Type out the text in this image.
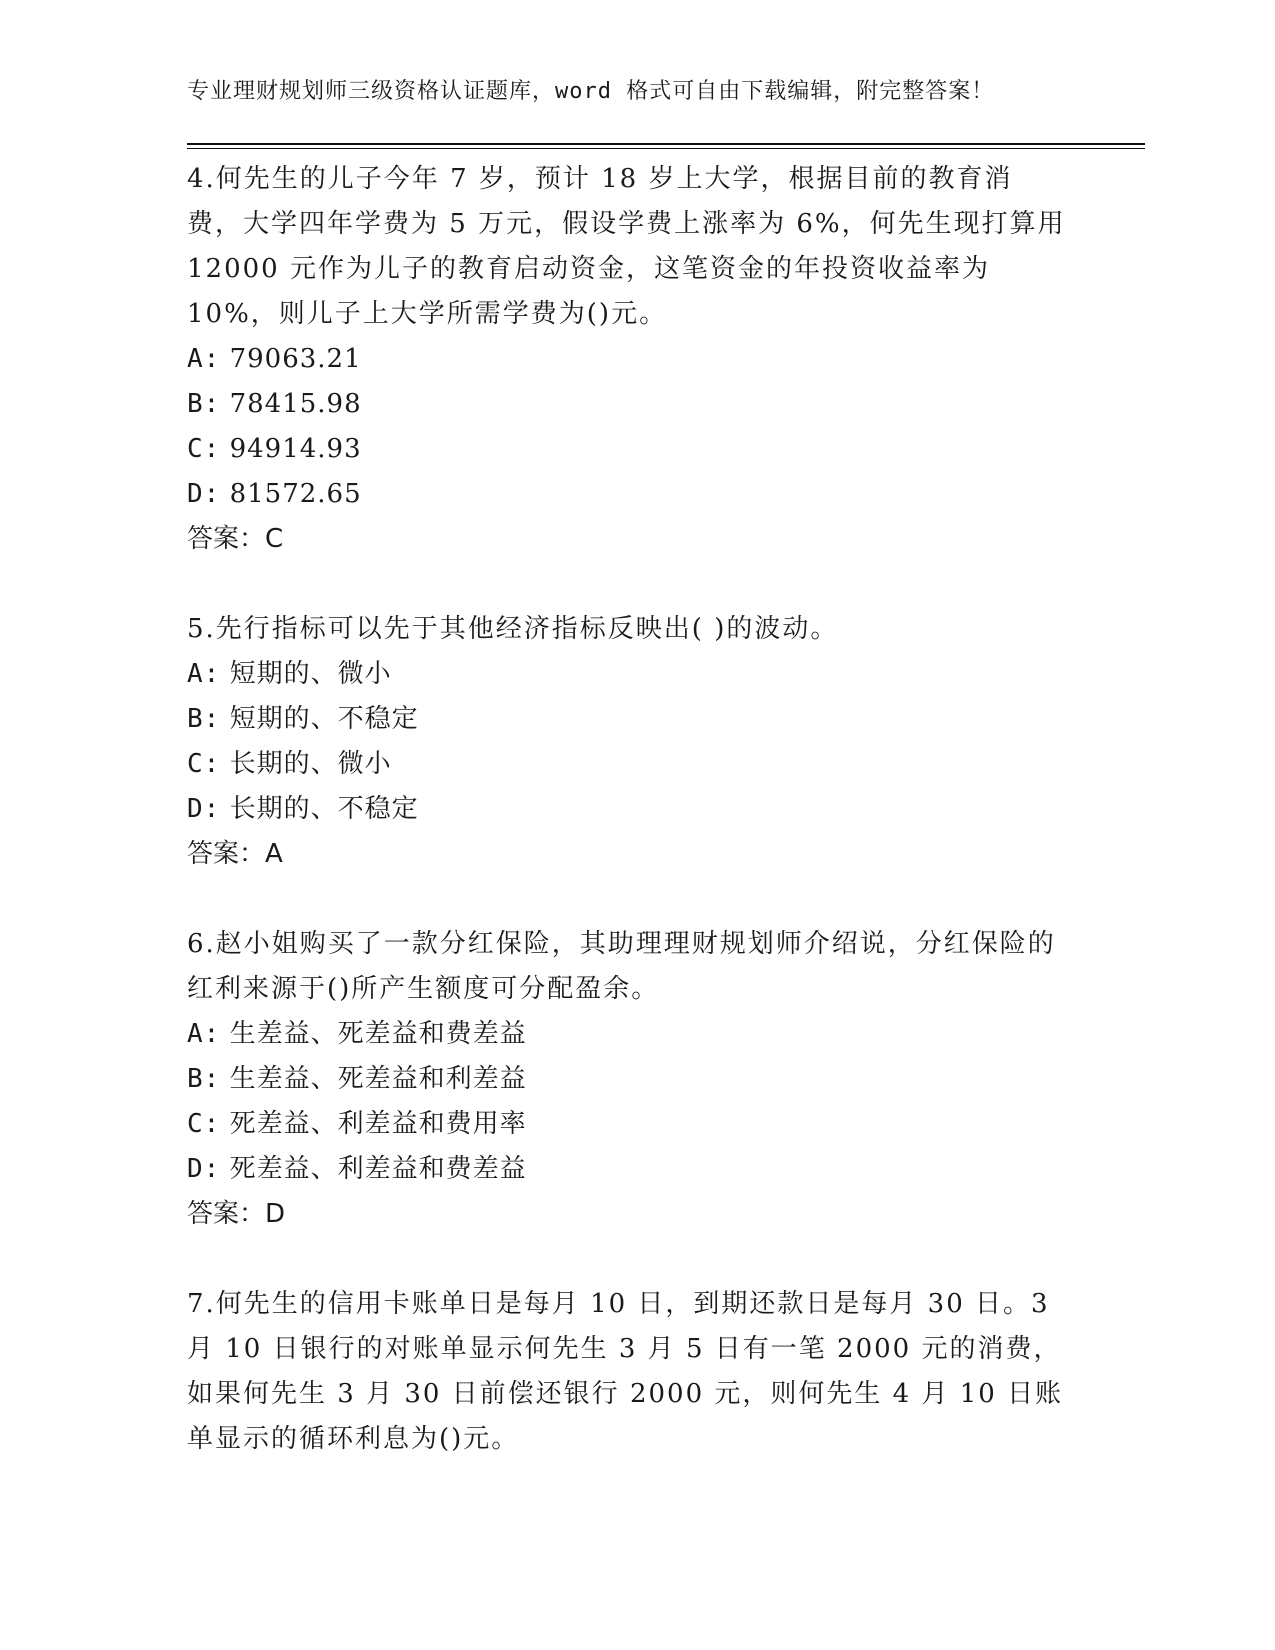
专业理财规划师三级资格认证题库，word 格式可自由下载编辑，附完整答案！
4.何先生的儿子今年 7 岁，预计 18 岁上大学，根据目前的教育消费，大学四年学费为 5 万元，假设学费上涨率为 6%，何先生现打算用 12000 元作为儿子的教育启动资金，这笔资金的年投资收益率为 10%，则儿子上大学所需学费为()元。
A: 79063.21
B: 78415.98
C: 94914.93
D: 81572.65
答案：C
5.先行指标可以先于其他经济指标反映出( )的波动。
A: 短期的、微小
B: 短期的、不稳定
C: 长期的、微小
D: 长期的、不稳定
答案：A
6.赵小姐购买了一款分红保险，其助理理财规划师介绍说，分红保险的红利来源于()所产生额度可分配盈余。
A: 生差益、死差益和费差益
B: 生差益、死差益和利差益
C: 死差益、利差益和费用率
D: 死差益、利差益和费差益
答案：D
7.何先生的信用卡账单日是每月 10 日，到期还款日是每月 30 日。3 月 10 日银行的对账单显示何先生 3 月 5 日有一笔 2000 元的消费，如果何先生 3 月 30 日前偿还银行 2000 元，则何先生 4 月 10 日账单显示的循环利息为()元。
